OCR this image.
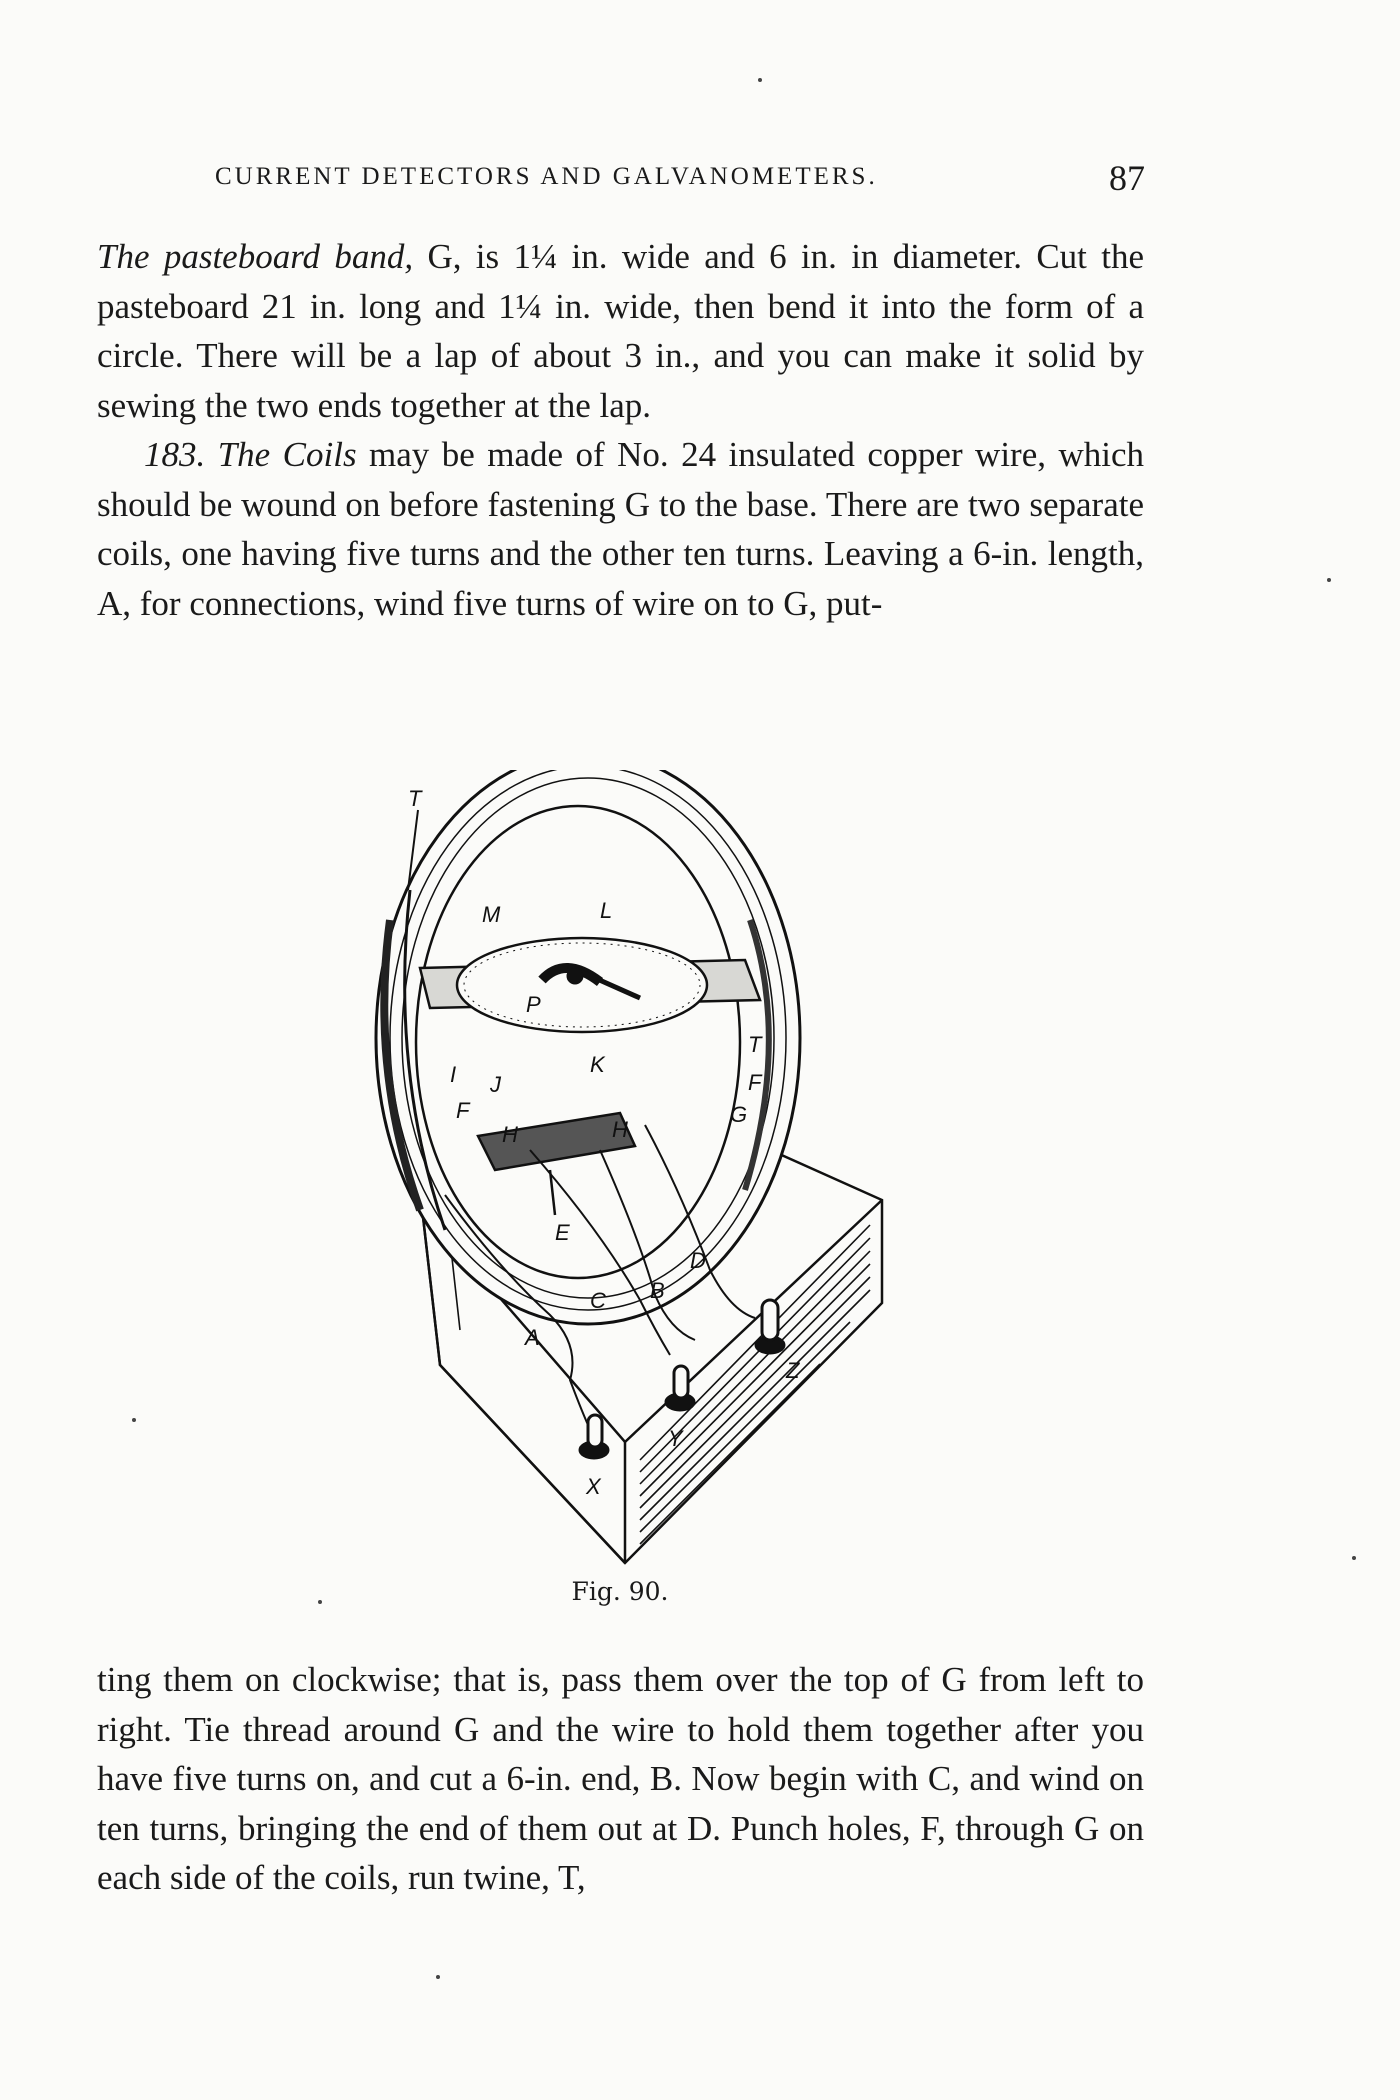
CURRENT DETECTORS AND GALVANOMETERS.	87

The pasteboard band, G, is 1¼ in. wide and 6 in. in diameter. Cut the pasteboard 21 in. long and 1¼ in. wide, then bend it into the form of a circle. There will be a lap of about 3 in., and you can make it solid by sewing the two ends together at the lap.

183. The Coils may be made of No. 24 insulated copper wire, which should be wound on before fastening G to the base. There are two separate coils, one having five turns and the other ten turns. Leaving a 6-in. length, A, for connections, wind five turns of wire on to G, put-

T
M	L
P
K
I J
T
F
F	G
H	H
E
D
C B
A
X
Y
Z
Fig. 90.

ting them on clockwise; that is, pass them over the top of G from left to right. Tie thread around G and the wire to hold them together after you have five turns on, and cut a 6-in. end, B. Now begin with C, and wind on ten turns, bringing the end of them out at D. Punch holes, F, through G on each side of the coils, run twine, T,
